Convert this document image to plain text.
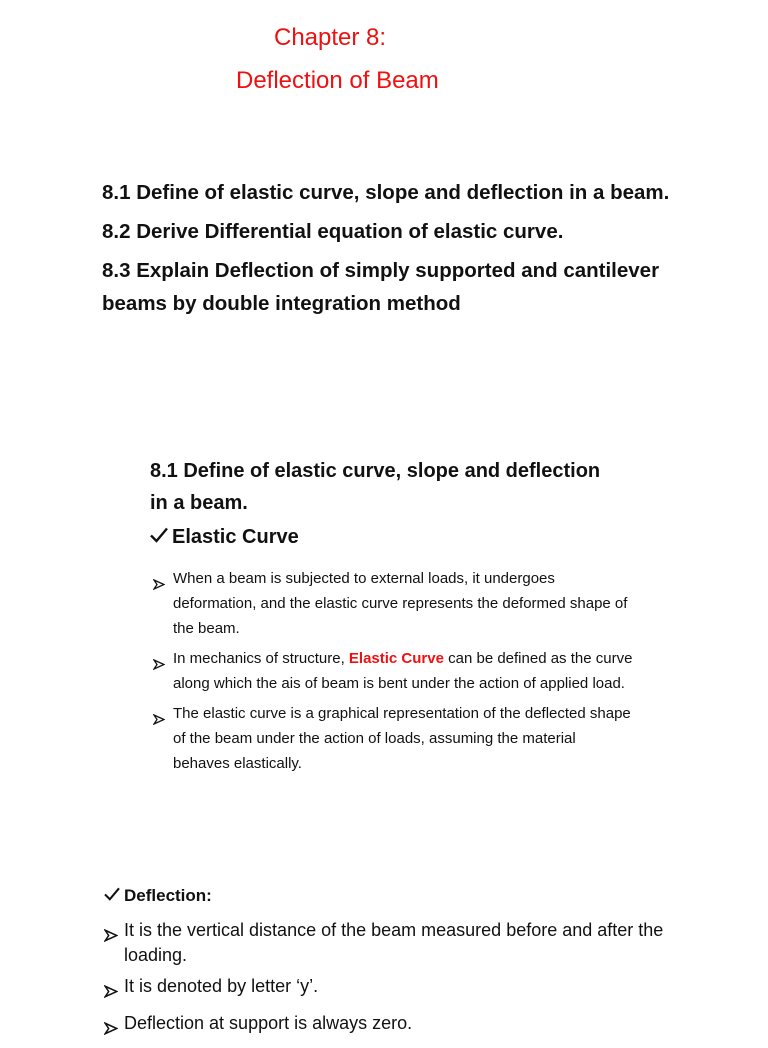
Chapter 8:
Deflection of Beam

8.1 Define of elastic curve, slope and deflection in a beam.

8.2 Derive Differential equation of elastic curve.

8.3 Explain Deflection of simply supported and cantilever beams by double integration method

8.1 Define of elastic curve, slope and deflection in a beam.
Elastic Curve
When a beam is subjected to external loads, it undergoes deformation, and the elastic curve represents the deformed shape of the beam.
In mechanics of structure, Elastic Curve can be defined as the curve along which the ais of beam is bent under the action of applied load.
The elastic curve is a graphical representation of the deflected shape of the beam under the action of loads, assuming the material behaves elastically.
Deflection:
It is the vertical distance of the beam measured before and after the loading.
It is denoted by letter ‘y’.
Deflection at support is always zero.
